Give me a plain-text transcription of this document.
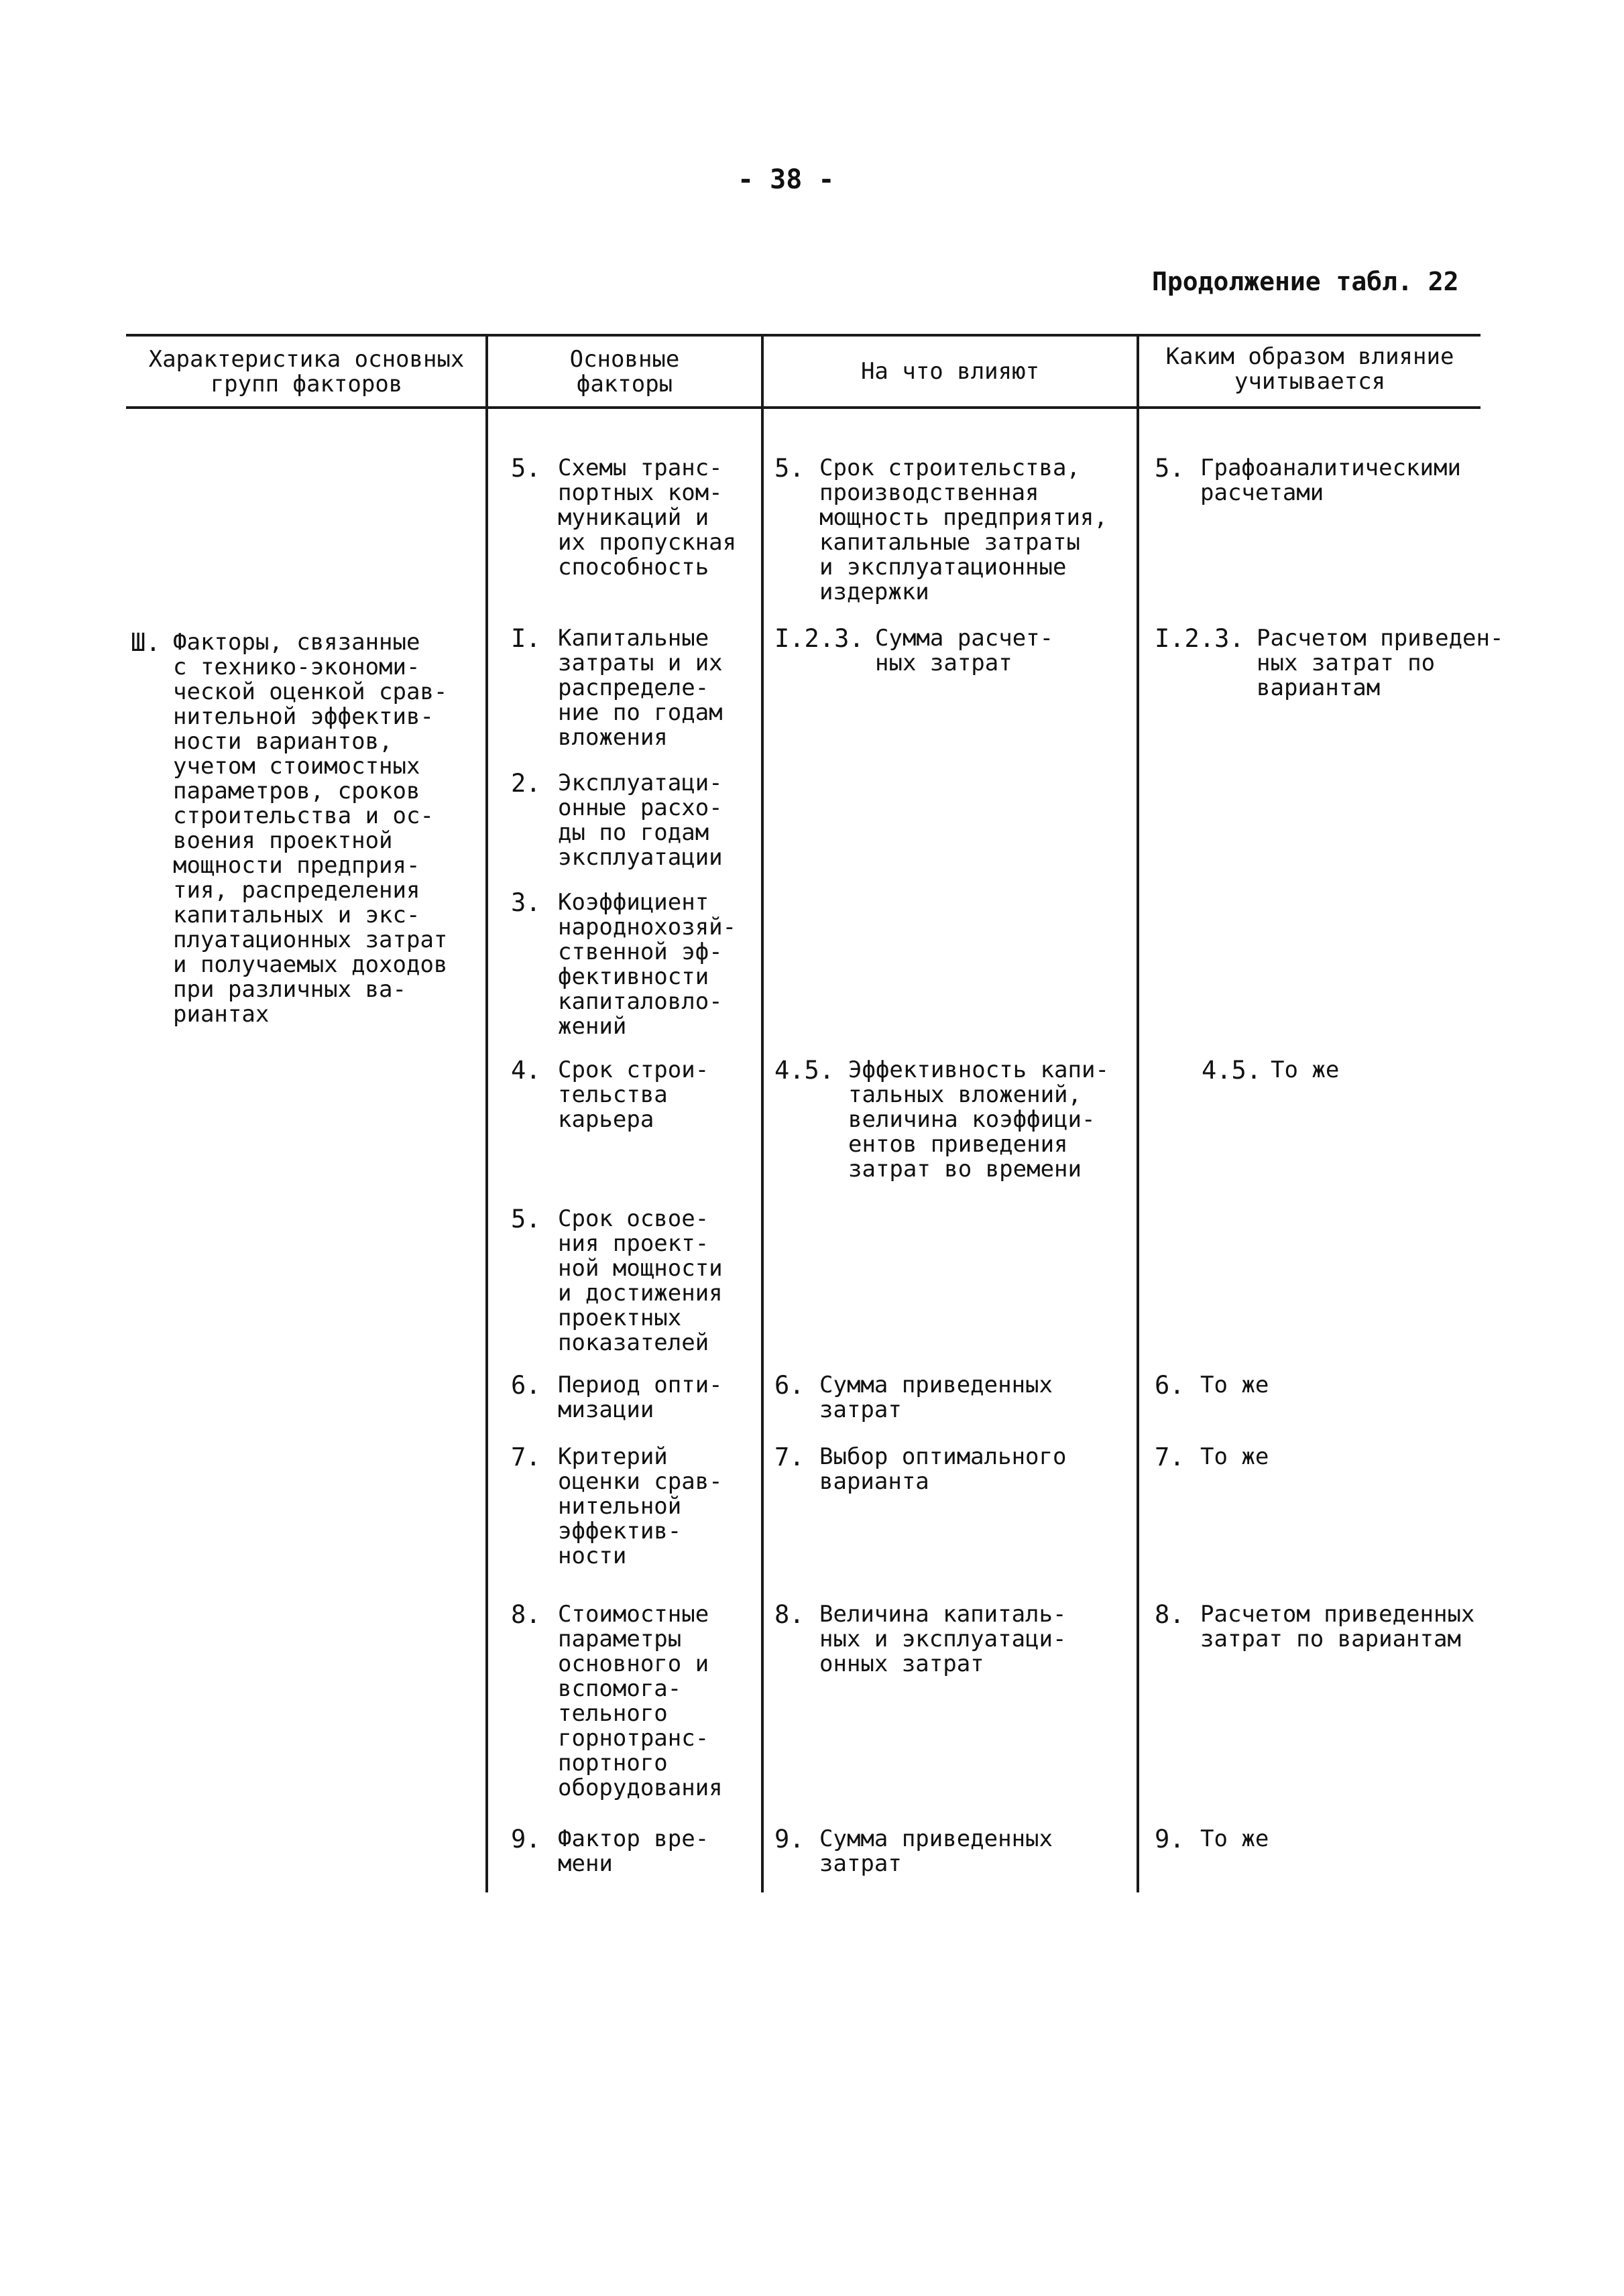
- 38 -
Продолжение табл. 22
Характеристика основных
групп факторов
Основные
факторы	На что влияют
Каким образом влияние
учитывается
Ш. Факторы, связанные
с технико-экономи-
ческой оценкой срав-
нительной эффектив-
ности вариантов,
учетом стоимостных
параметров, сроков
строительства и ос-
воения проектной
мощности предприя-
тия, распределения
капитальных и экс-
плуатационных затрат
и получаемых доходов
при различных ва-
риантах
5. Схемы транс-
портных ком-
муникаций и
их пропускная
способность
I. Капитальные
затраты и их
распределе-
ние по годам
вложения
2. Эксплуатаци-
онные расхо-
ды по годам
эксплуатации
3. Коэффициент
народнохозяй-
ственной эф-
фективности
капиталовло-
жений
4. Срок строи-
тельства
карьера
5. Срок освое-
ния проект-
ной мощности
и достижения
проектных
показателей
6. Период опти-
мизации
7. Критерий
оценки срав-
нительной
эффектив-
ности
8. Стоимостные
параметры
основного и
вспомога-
тельного
горнотранс-
портного
оборудования
9. Фактор вре-
мени
5. Срок строительства,
производственная
мощность предприятия,
капитальные затраты
и эксплуатационные
издержки
I.2.3. Сумма расчет-
ных затрат
4.5. Эффективность капи-
тальных вложений,
величина коэффици-
ентов приведения
затрат во времени
6. Сумма приведенных
затрат
7. Выбор оптимального
варианта
8. Величина капиталь-
ных и эксплуатаци-
онных затрат
9. Сумма приведенных
затрат
5. Графоаналитическими
расчетами
I.2.3. Расчетом приведен-
ных затрат по
вариантам
4.5. То же
6. То же
7. То же
8. Расчетом приведенных
затрат по вариантам
9. То же
